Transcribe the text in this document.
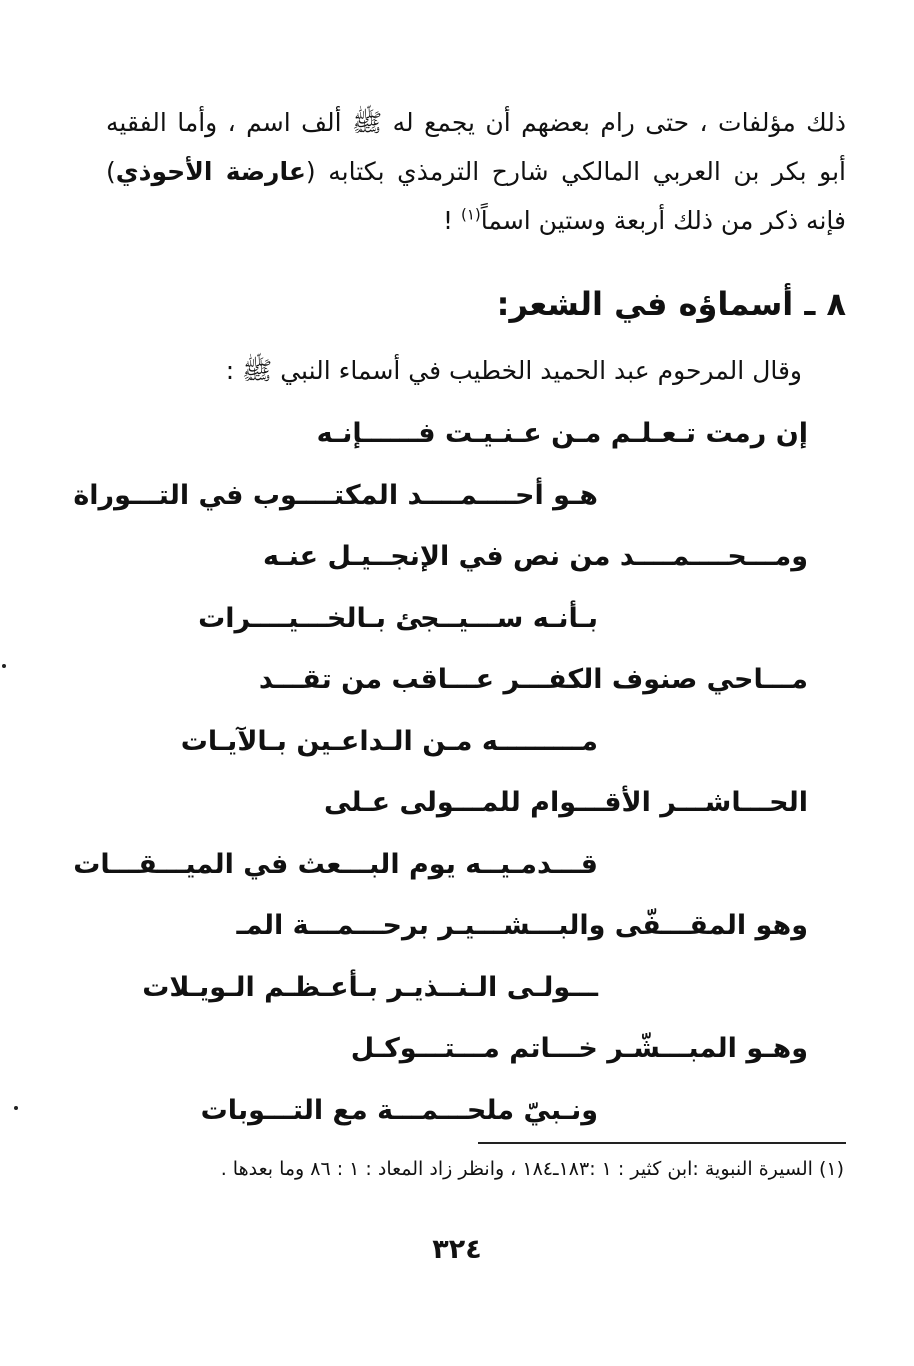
ذلك مؤلفات ، حتى رام بعضهم أن يجمع له ﷺ ألف اسم ، وأما الفقيه أبو بكر بن العربي المالكي شارح الترمذي بكتابه (عارضة الأحوذي) فإنه ذكر من ذلك أربعة وستين اسماً$^{(١)}$ !

٨ ـ أسماؤه في الشعر:
وقال المرحوم عبد الحميد الخطيب في أسماء النبي ﷺ :
إن رمت تـعـلـم مـن عـنـيـت فــــــإنـه
هـو أحــــمــــد المكتــــوب في التـــوراة
ومـــحــــمــــد من نص في الإنجــيـل عنـه
بـأنـه ســـيــجئ بـالخـــيــــرات
مـــاحي صنوف الكفـــر عـــاقب من تقـــد
مـــــــــه مـن الـداعـين بـالآيـات
الحـــاشـــر الأقـــوام للمـــولى عـلى
قـــدمـيــه يوم البـــعث في الميـــقـــات
وهو المقـــفّى والبـــشـــيـر برحـــمـــة المـ
ـــولـى الـنــذيـر بـأعـظـم الـويـلات
وهـو المبـــشّـر خـــاتم مـــتـــوكـل
ونـبيّ ملحـــمـــة مع التـــوبات
(١) السيرة النبوية :ابن كثير : ١ :١٨٣ـ١٨٤ ، وانظر زاد المعاد : ١ : ٨٦ وما بعدها .
٣٢٤
